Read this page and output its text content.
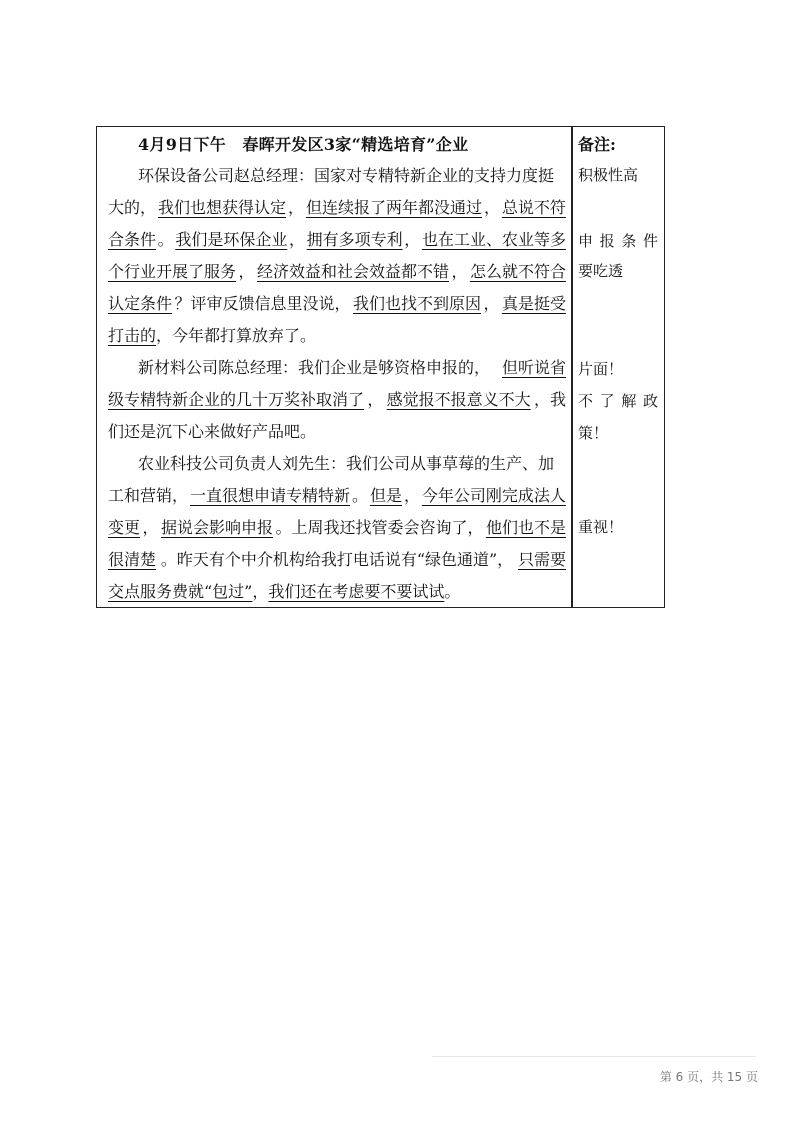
4月9日下午　春晖开发区3家“精选培育”企业
环保设备公司赵总经理：国家对专精特新企业的支持力度挺
大的， 我们也想获得认定 ， 但连续报了两年都没通过 ， 总说不符
合条件 。 我们是环保企业 ， 拥有多项专利 ， 也在工业、农业等多
个行业开展了服务 ， 经济效益和社会效益都不错 ， 怎么就不符合
认定条件 ？评审反馈信息里没说， 我们也找不到原因 ， 真是挺受
打击的，今年都打算放弃了。
新材料公司陈总经理：我们企业是够资格申报的， 但听说省
级专精特新企业的几十万奖补取消了 ， 感觉报不报意义不大 ，我
们还是沉下心来做好产品吧。
农业科技公司负责人刘先生：我们公司从事草莓的生产、加
工和营销， 一直很想申请专精特新 。 但是 ， 今年公司刚完成法人
变更 ， 据说会影响申报 。上周我还找管委会咨询了， 他们也不是
很清楚 。昨天有个中介机构给我打电话说有“绿色通道”， 只需要
交点服务费就“包过”，我们还在考虑要不要试试。
备注:
积极性高
申 报 条 件
要吃透
片面！
不 了 解 政
策！
重视！
第 6 页，共 15 页
